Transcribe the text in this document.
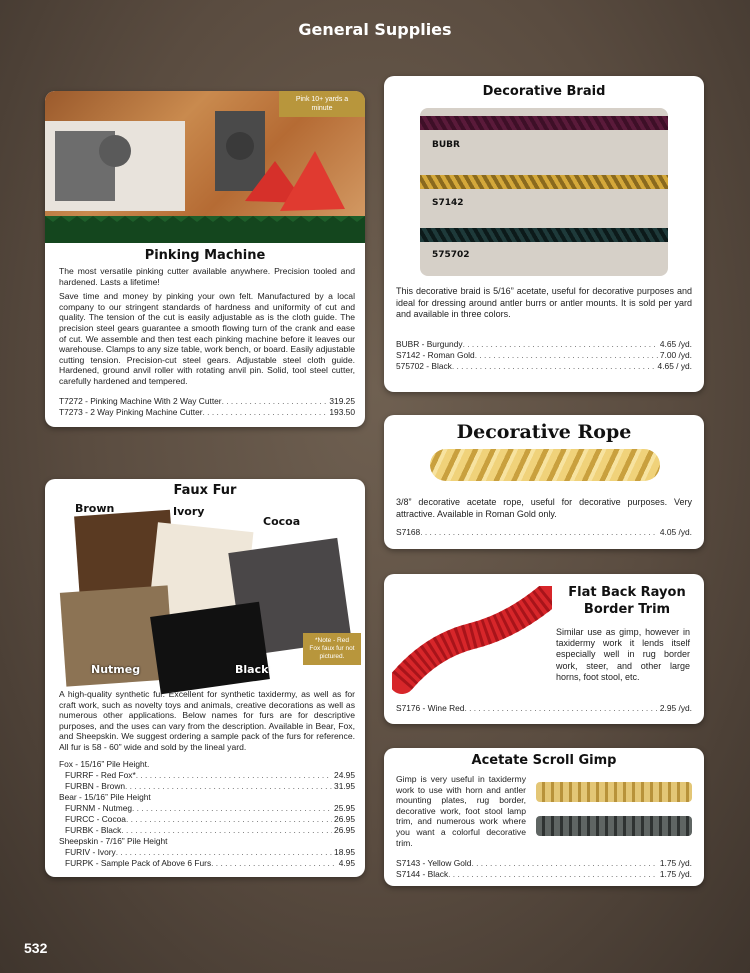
General Supplies
Pink 10+ yards a minute
Pinking Machine

The most versatile pinking cutter available anywhere. Precision tooled and hardened. Lasts a lifetime!

Save time and money by pinking your own felt. Manufactured by a local company to our stringent standards of hardness and uniformity of cut and quality. The tension of the cut is easily adjustable as is the cloth guide. The precision steel gears guarantee a smooth flowing turn of the crank and ease of cut. We assemble and then test each pinking machine before it leaves our warehouse. Clamps to any size table, work bench, or board. Easily adjustable cutting tension. Precision-cut steel gears. Adjustable steel cloth guide. Hardened, ground anvil roller with rotating anvil pin. Solid, tool steel cutter, carefully hardened and tempered.

T7272 - Pinking Machine With 2 Way Cutter . . .	319.25
T7273 - 2 Way Pinking Machine Cutter . . .	193.50
Decorative Braid
BUBR
S7142
575702
This decorative braid is 5/16” acetate, useful for decorative purposes and ideal for dressing around antler burrs or antler mounts. It is sold per yard and available in three colors.
BUBR - Burgundy . . .	4.65 /yd.
S7142 - Roman Gold . . .	7.00 /yd.
575702 - Black . . .	4.65 / yd.
Decorative Rope
3/8” decorative acetate rope, useful for decorative purposes. Very attractive. Available in Roman Gold only.
S7168 . . .	4.05 /yd.
Faux Fur
Brown	Ivory
Cocoa
Nutmeg	Black
*Note - Red Fox faux fur not pictured.
A high-quality synthetic fur. Excellent for synthetic taxidermy, as well as for craft work, such as novelty toys and animals, creative decorations as well as numerous other applications. Below names for furs are for descriptive purposes, and the uses can vary from the description. Available in Bear, Fox, and Sheepskin. We suggest ordering a sample pack of the furs for reference. All fur is 58 - 60” wide and sold by the lineal yard.
Fox - 15/16” Pile Height.
FURRF - Red Fox* . . .	24.95
FURBN - Brown . . .	31.95
Bear - 15/16” Pile Height
FURNM - Nutmeg . . .	25.95
FURCC - Cocoa . . .	26.95
FURBK - Black . . .	26.95
Sheepskin - 7/16” Pile Height
FURIV - Ivory . . .	18.95
FURPK - Sample Pack of Above 6 Furs . . .	4.95
Flat Back Rayon
Border Trim
Similar use as gimp, however in taxidermy work it lends itself especially well in rug border work, steer, and other large horns, foot stool, etc.
S7176 - Wine Red . . .	2.95 /yd.
Acetate Scroll Gimp
Gimp is very useful in taxidermy work to use with horn and antler mounting plates, rug border, decorative work, foot stool lamp trim, and numerous work where you want a colorful decorative trim.
S7143 - Yellow Gold . . .	1.75 /yd.
S7144 - Black . . .	1.75 /yd.
532
